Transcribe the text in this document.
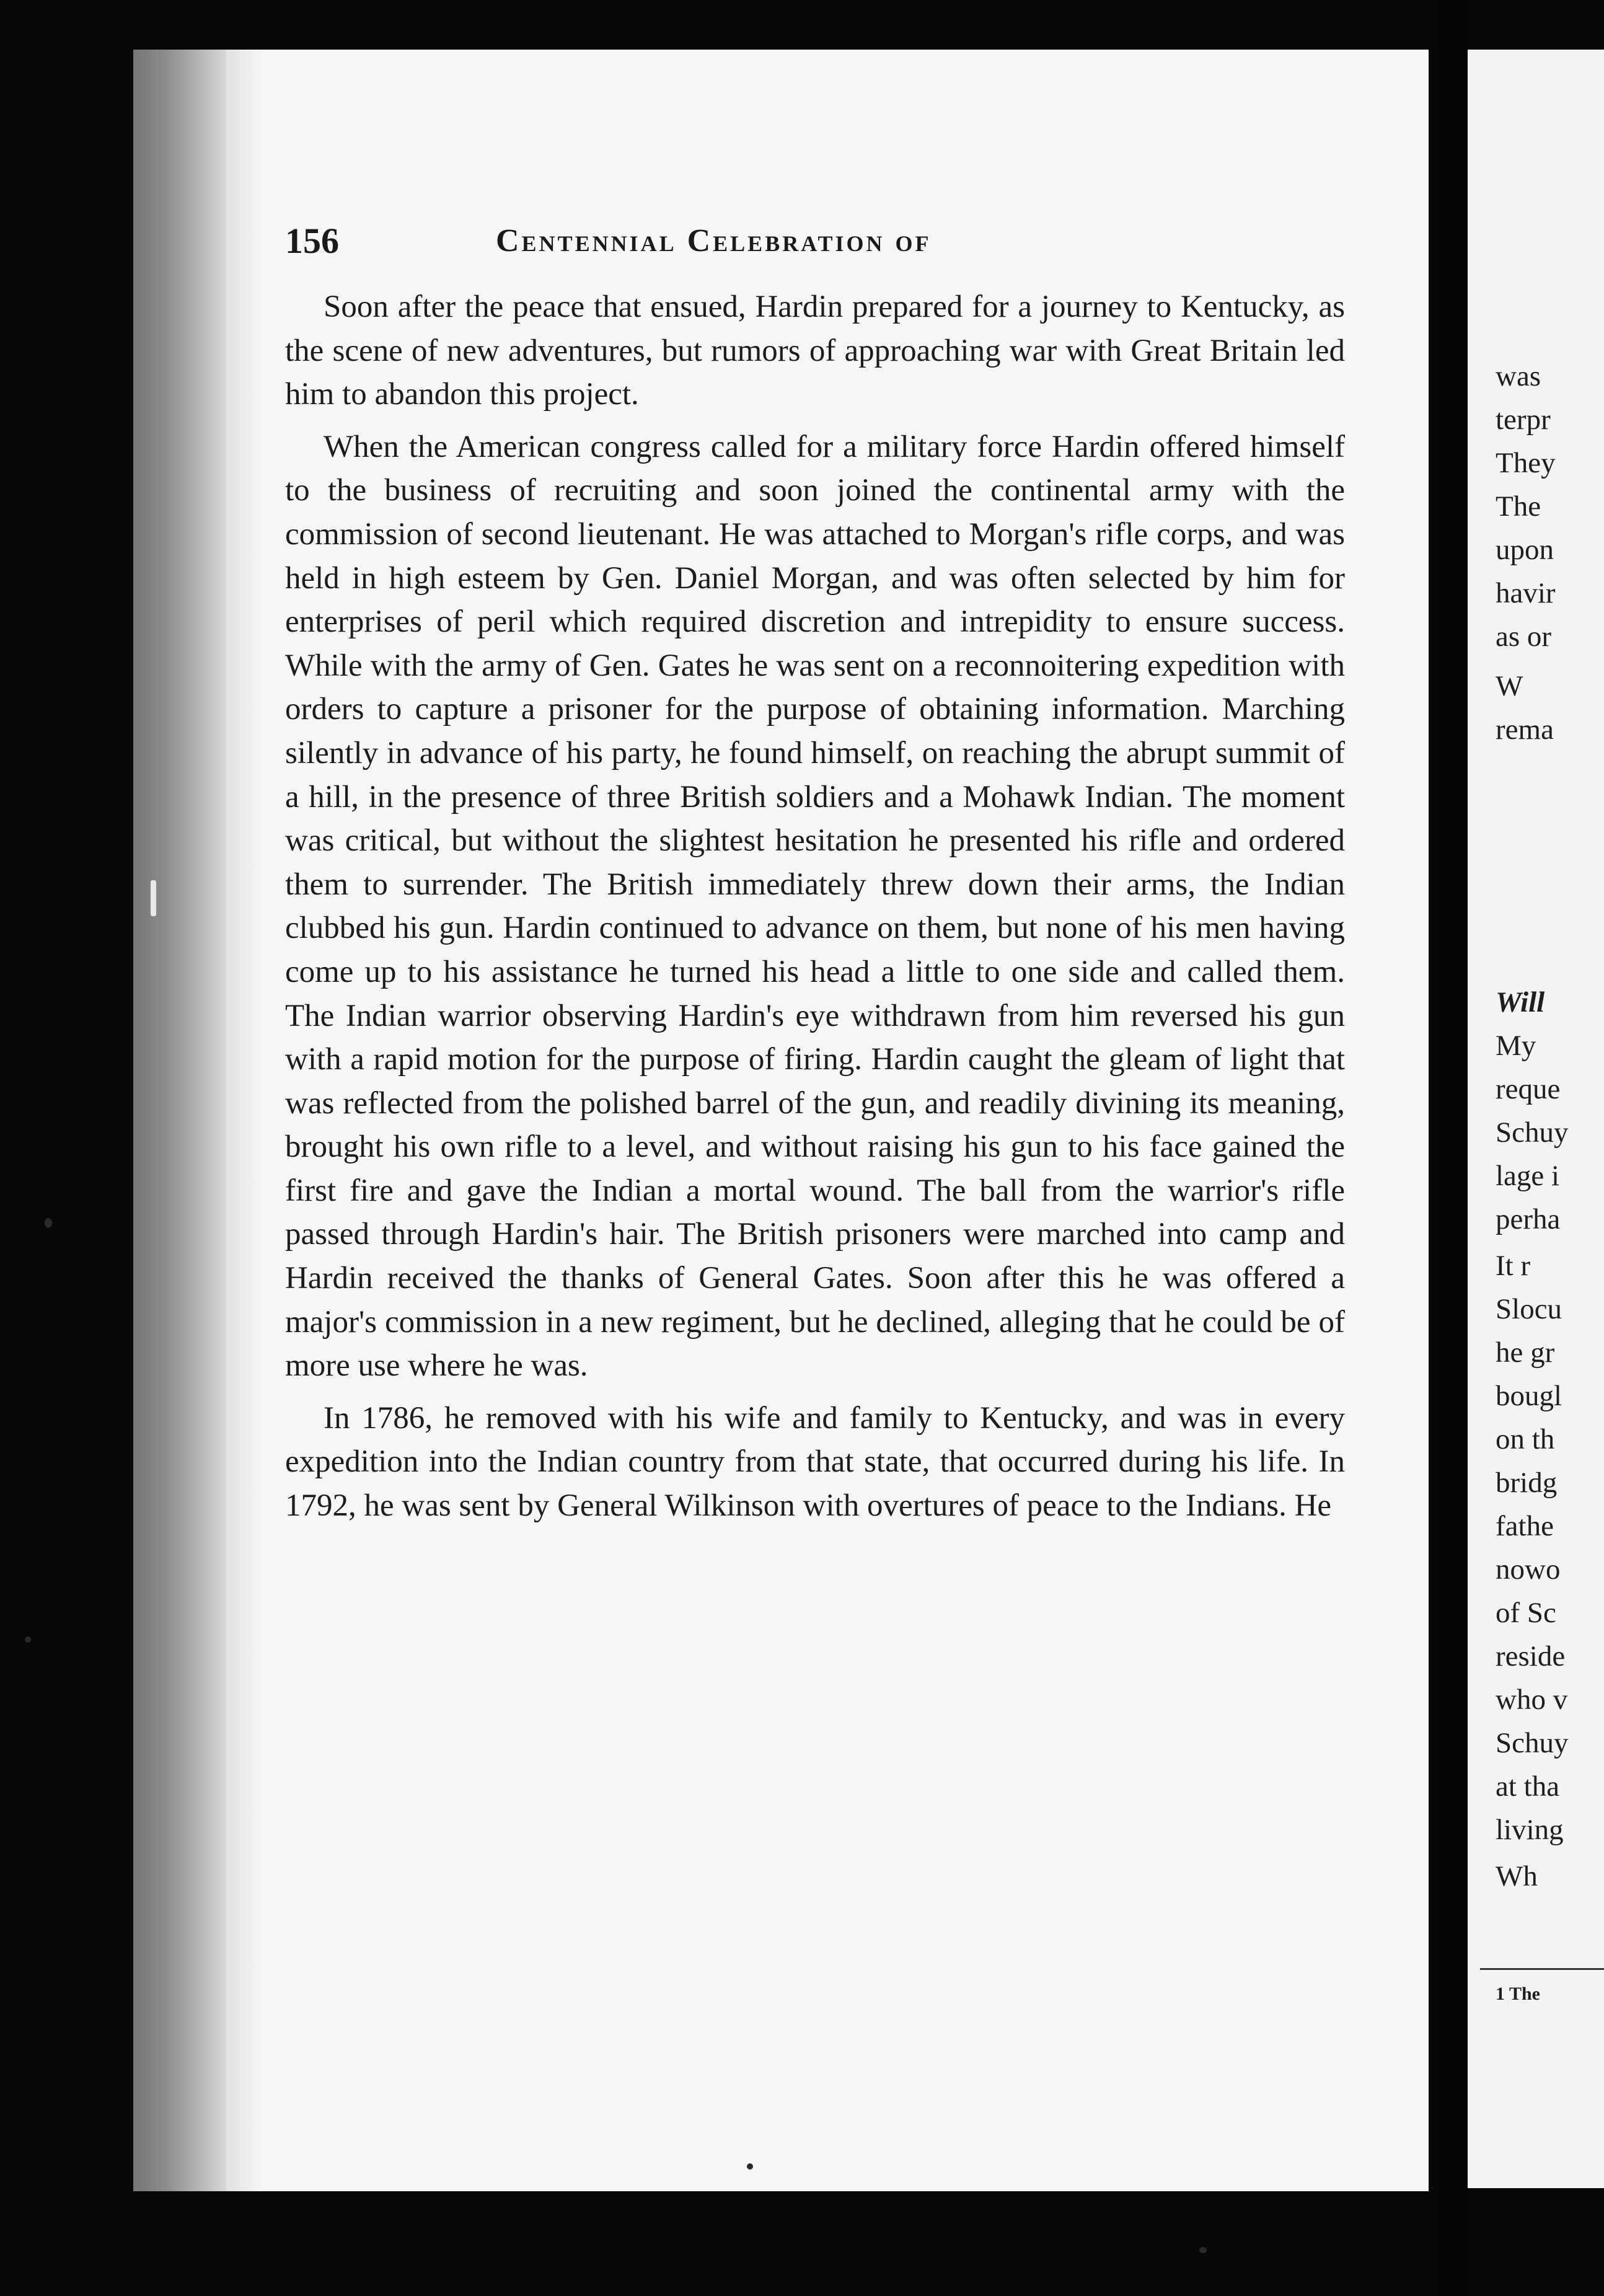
156	Centennial Celebration of

Soon after the peace that ensued, Hardin prepared for a journey to Kentucky, as the scene of new adventures, but rumors of approaching war with Great Britain led him to abandon this project.

When the American congress called for a military force Hardin offered himself to the business of recruiting and soon joined the continental army with the commission of second lieutenant. He was attached to Morgan's rifle corps, and was held in high esteem by Gen. Daniel Morgan, and was often selected by him for enterprises of peril which required discretion and intrepidity to ensure success. While with the army of Gen. Gates he was sent on a reconnoitering expedition with orders to capture a prisoner for the purpose of obtaining information. Marching silently in advance of his party, he found himself, on reaching the abrupt summit of a hill, in the presence of three British soldiers and a Mohawk Indian. The moment was critical, but without the slightest hesitation he presented his rifle and ordered them to surrender. The British immediately threw down their arms, the Indian clubbed his gun. Hardin continued to advance on them, but none of his men having come up to his assistance he turned his head a little to one side and called them. The Indian warrior observing Hardin's eye withdrawn from him reversed his gun with a rapid motion for the purpose of firing. Hardin caught the gleam of light that was reflected from the polished barrel of the gun, and readily divining its meaning, brought his own rifle to a level, and without raising his gun to his face gained the first fire and gave the Indian a mortal wound. The ball from the warrior's rifle passed through Hardin's hair. The British prisoners were marched into camp and Hardin received the thanks of General Gates. Soon after this he was offered a major's commission in a new regiment, but he declined, alleging that he could be of more use where he was.

In 1786, he removed with his wife and family to Kentucky, and was in every expedition into the Indian country from that state, that occurred during his life. In 1792, he was sent by General Wilkinson with overtures of peace to the Indians. He

was
terpr
They
The
upon
havir
as or
W
rema
Will
My
reque
Schuy
lage i
perha
It r
Slocu
he gr
bougl
on th
bridg
fathe
nowo
of Sc
reside
who v
Schuy
at tha
living
Wh
1 The
